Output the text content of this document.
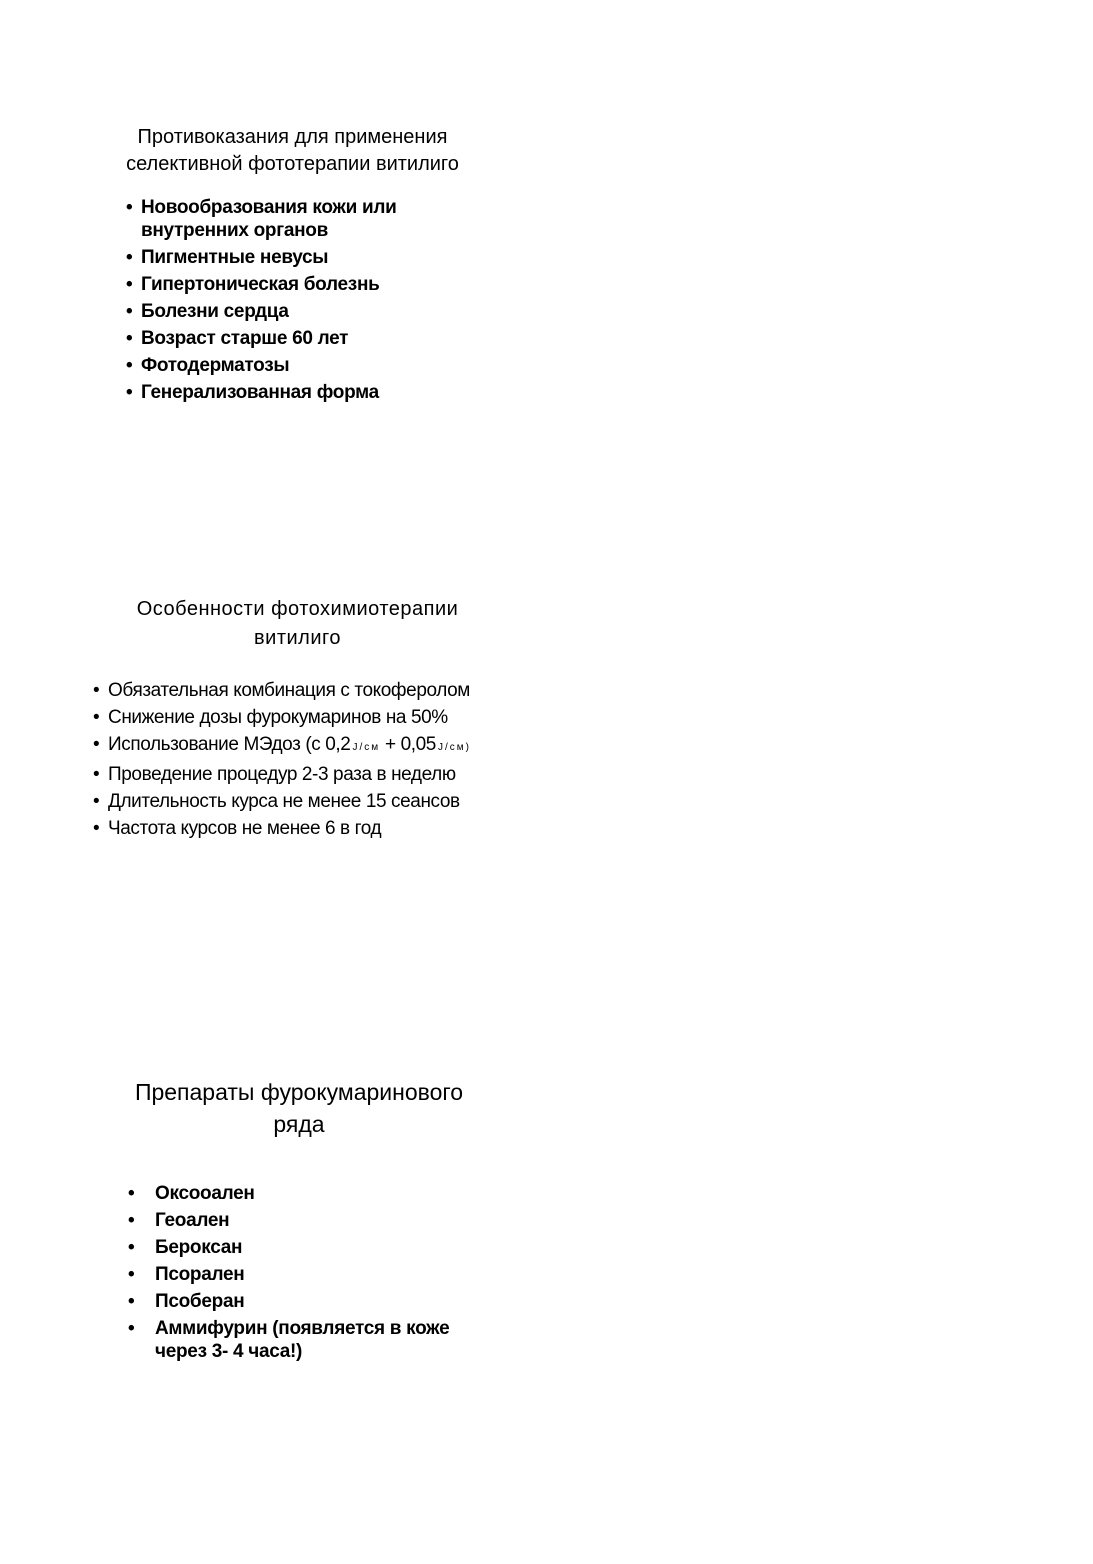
Противоказания для применения
селективной фототерапии витилиго
• Новообразования кожи или внутренних органов
• Пигментные невусы
• Гипертоническая болезнь
• Болезни сердца
• Возраст старше 60 лет
• Фотодерматозы
• Генерализованная форма
Особенности фотохимиотерапии
витилиго
• Обязательная комбинация с токоферолом
• Снижение дозы фурокумаринов на 50%
• Использование МЭдоз (с 0,2 J/cм + 0,05 J/cм)
• Проведение процедур 2-3 раза в неделю
• Длительность курса не менее 15 сеансов
• Частота курсов не менее 6 в год
Препараты фурокумаринового
ряда
• Оксооален
• Геоален
• Бероксан
• Псорален
• Псоберан
• Аммифурин (появляется в коже через 3- 4 часа!)
